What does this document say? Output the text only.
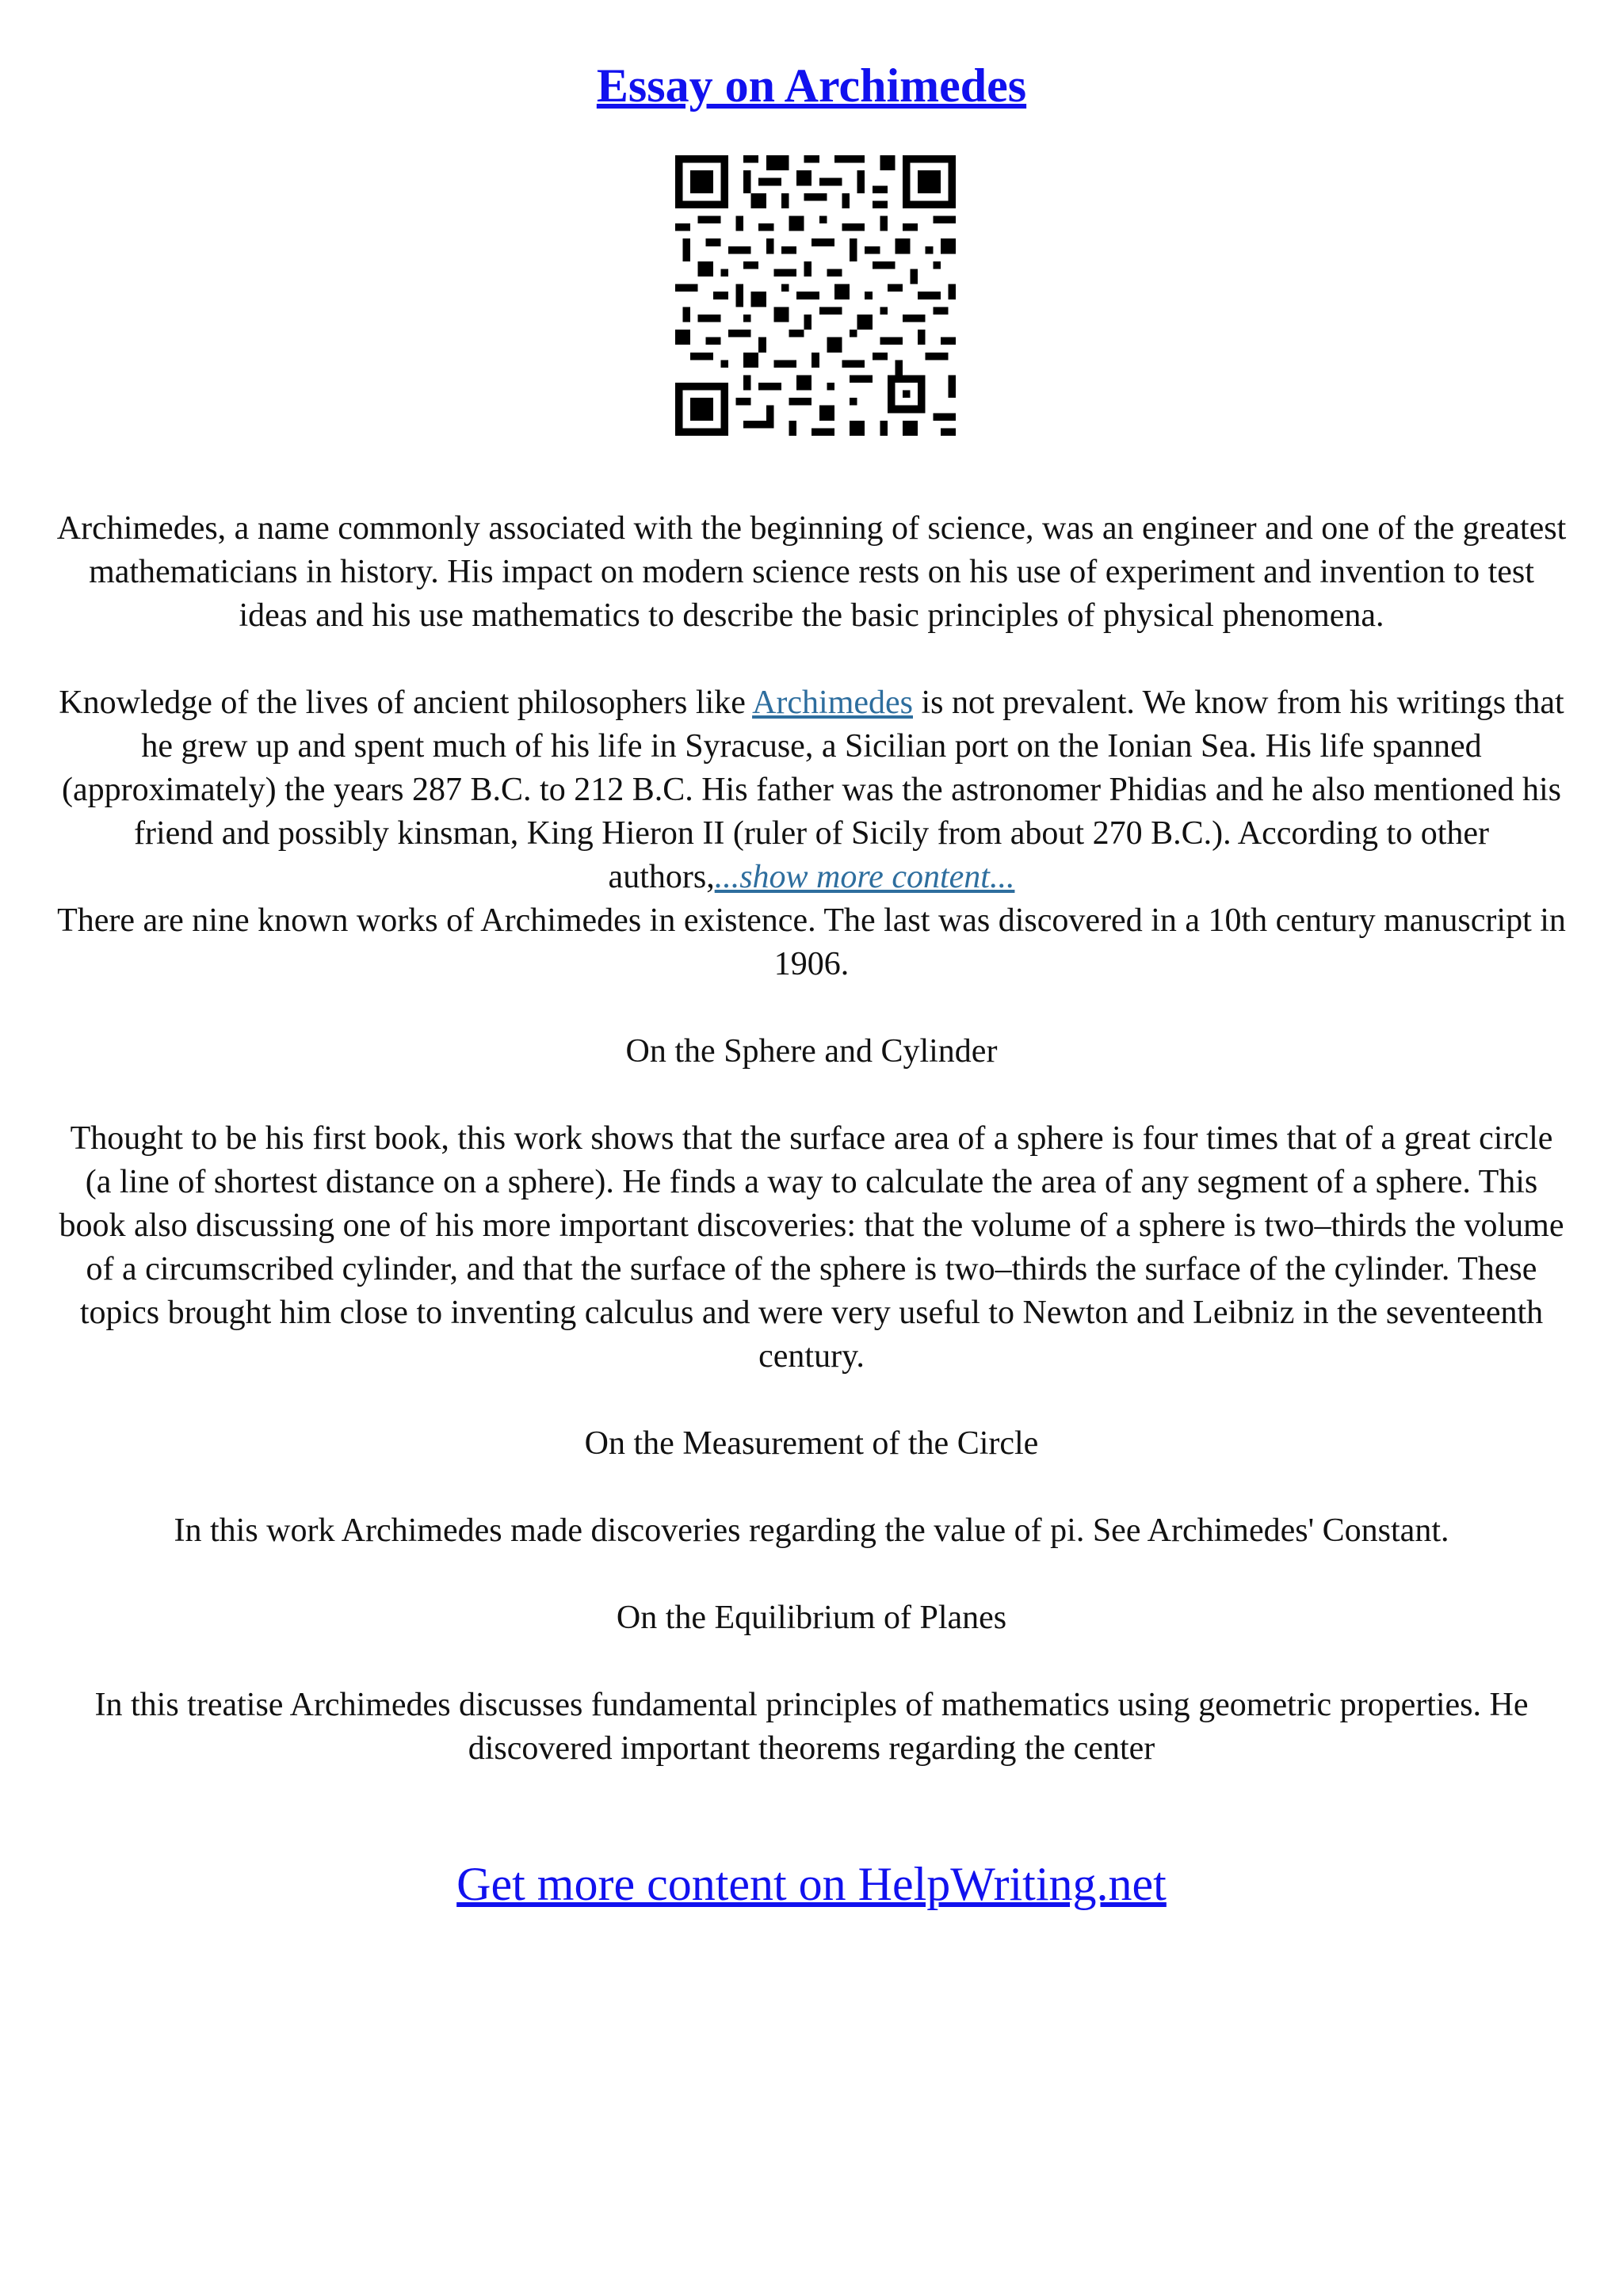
Essay on Archimedes

Archimedes, a name commonly associated with the beginning of science, was an engineer and one of the greatest mathematicians in history. His impact on modern science rests on his use of experiment and invention to test ideas and his use mathematics to describe the basic principles of physical phenomena.

Knowledge of the lives of ancient philosophers like Archimedes is not prevalent. We know from his writings that he grew up and spent much of his life in Syracuse, a Sicilian port on the Ionian Sea. His life spanned (approximately) the years 287 B.C. to 212 B.C. His father was the astronomer Phidias and he also mentioned his friend and possibly kinsman, King Hieron II (ruler of Sicily from about 270 B.C.). According to other authors,...show more content...

There are nine known works of Archimedes in existence. The last was discovered in a 10th century manuscript in 1906.

On the Sphere and Cylinder

Thought to be his first book, this work shows that the surface area of a sphere is four times that of a great circle (a line of shortest distance on a sphere). He finds a way to calculate the area of any segment of a sphere. This book also discussing one of his more important discoveries: that the volume of a sphere is two–thirds the volume of a circumscribed cylinder, and that the surface of the sphere is two–thirds the surface of the cylinder. These topics brought him close to inventing calculus and were very useful to Newton and Leibniz in the seventeenth century.

On the Measurement of the Circle

In this work Archimedes made discoveries regarding the value of pi. See Archimedes' Constant.

On the Equilibrium of Planes

In this treatise Archimedes discusses fundamental principles of mathematics using geometric properties. He discovered important theorems regarding the center

Get more content on HelpWriting.net
